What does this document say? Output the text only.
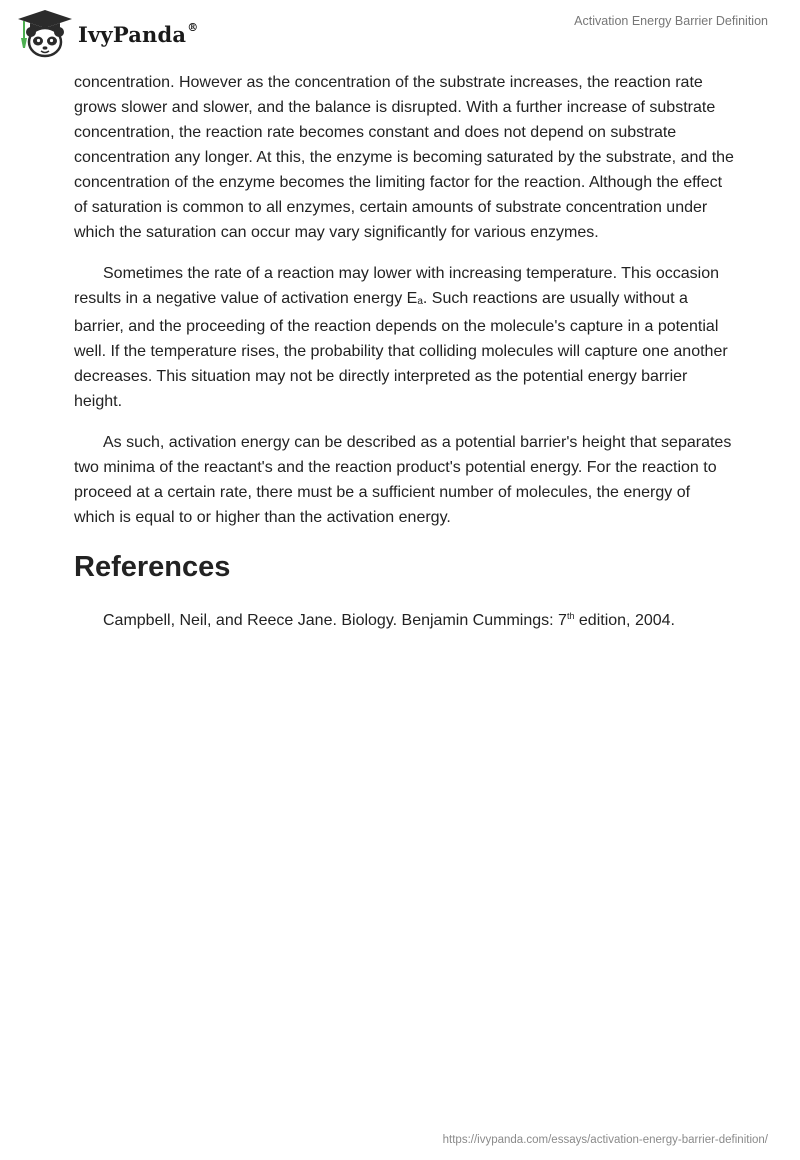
IvyPanda®	Activation Energy Barrier Definition

concentration. However as the concentration of the substrate increases, the reaction rate grows slower and slower, and the balance is disrupted. With a further increase of substrate concentration, the reaction rate becomes constant and does not depend on substrate concentration any longer. At this, the enzyme is becoming saturated by the substrate, and the concentration of the enzyme becomes the limiting factor for the reaction. Although the effect of saturation is common to all enzymes, certain amounts of substrate concentration under which the saturation can occur may vary significantly for various enzymes.

Sometimes the rate of a reaction may lower with increasing temperature. This occasion results in a negative value of activation energy $E_a$. Such reactions are usually without a barrier, and the proceeding of the reaction depends on the molecule's capture in a potential well. If the temperature rises, the probability that colliding molecules will capture one another decreases. This situation may not be directly interpreted as the potential energy barrier height.

As such, activation energy can be described as a potential barrier's height that separates two minima of the reactant's and the reaction product's potential energy. For the reaction to proceed at a certain rate, there must be a sufficient number of molecules, the energy of which is equal to or higher than the activation energy.

References

Campbell, Neil, and Reece Jane. Biology. Benjamin Cummings: 7th edition, 2004.

https://ivypanda.com/essays/activation-energy-barrier-definition/
